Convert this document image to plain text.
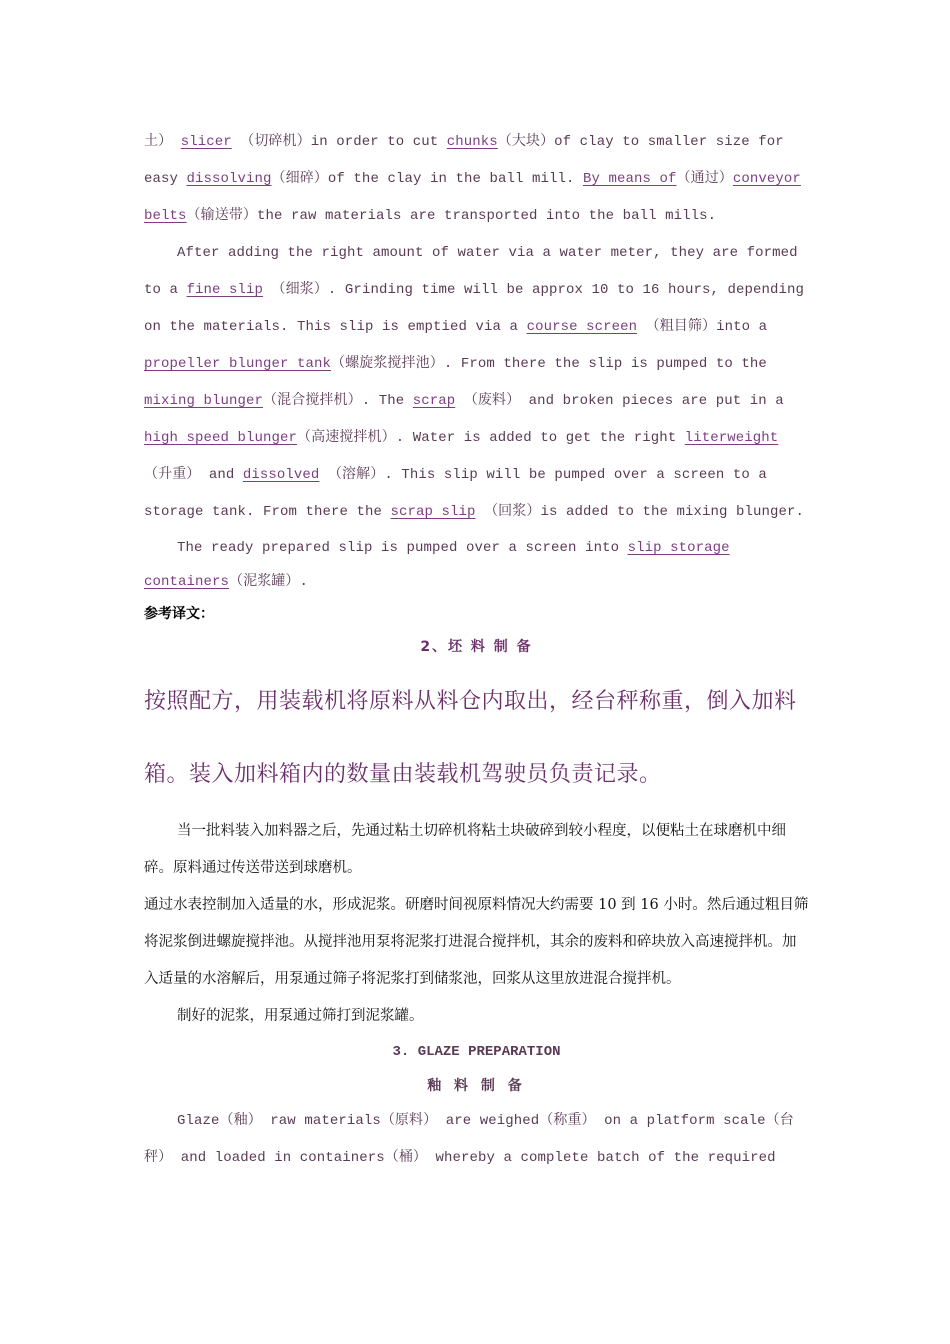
土） slicer （切碎机）in order to cut chunks（大块）of clay to smaller size for easy dissolving（细碎）of the clay in the ball mill. By means of（通过）conveyor belts（输送带）the raw materials are transported into the ball mills.

After adding the right amount of water via a water meter, they are formed to a fine slip （细浆）. Grinding time will be approx 10 to 16 hours, depending on the materials. This slip is emptied via a course screen （粗目筛）into a propeller blunger tank（螺旋浆搅拌池）. From there the slip is pumped to the mixing blunger（混合搅拌机）. The scrap （废料） and broken pieces are put in a high speed blunger（高速搅拌机）. Water is added to get the right literweight （升重） and dissolved （溶解）. This slip will be pumped over a screen to a storage tank. From there the scrap slip （回浆）is added to the mixing blunger.

The ready prepared slip is pumped over a screen into slip storage containers（泥浆罐）.

参考译文：

2、坯 料 制 备

按照配方，用装载机将原料从料仓内取出，经台秤称重，倒入加料箱。装入加料箱内的数量由装载机驾驶员负责记录。

当一批料装入加料器之后，先通过粘土切碎机将粘土块破碎到较小程度，以便粘土在球磨机中细碎。原料通过传送带送到球磨机。

通过水表控制加入适量的水，形成泥浆。研磨时间视原料情况大约需要 10 到 16 小时。然后通过粗目筛将泥浆倒进螺旋搅拌池。从搅拌池用泵将泥浆打进混合搅拌机，其余的废料和碎块放入高速搅拌机。加入适量的水溶解后，用泵通过筛子将泥浆打到储浆池，回浆从这里放进混合搅拌机。

制好的泥浆，用泵通过筛打到泥浆罐。

3. GLAZE PREPARATION

釉 料 制 备

Glaze（釉） raw materials（原料） are weighed（称重） on a platform scale（台秤） and loaded in containers（桶） whereby a complete batch of the required
